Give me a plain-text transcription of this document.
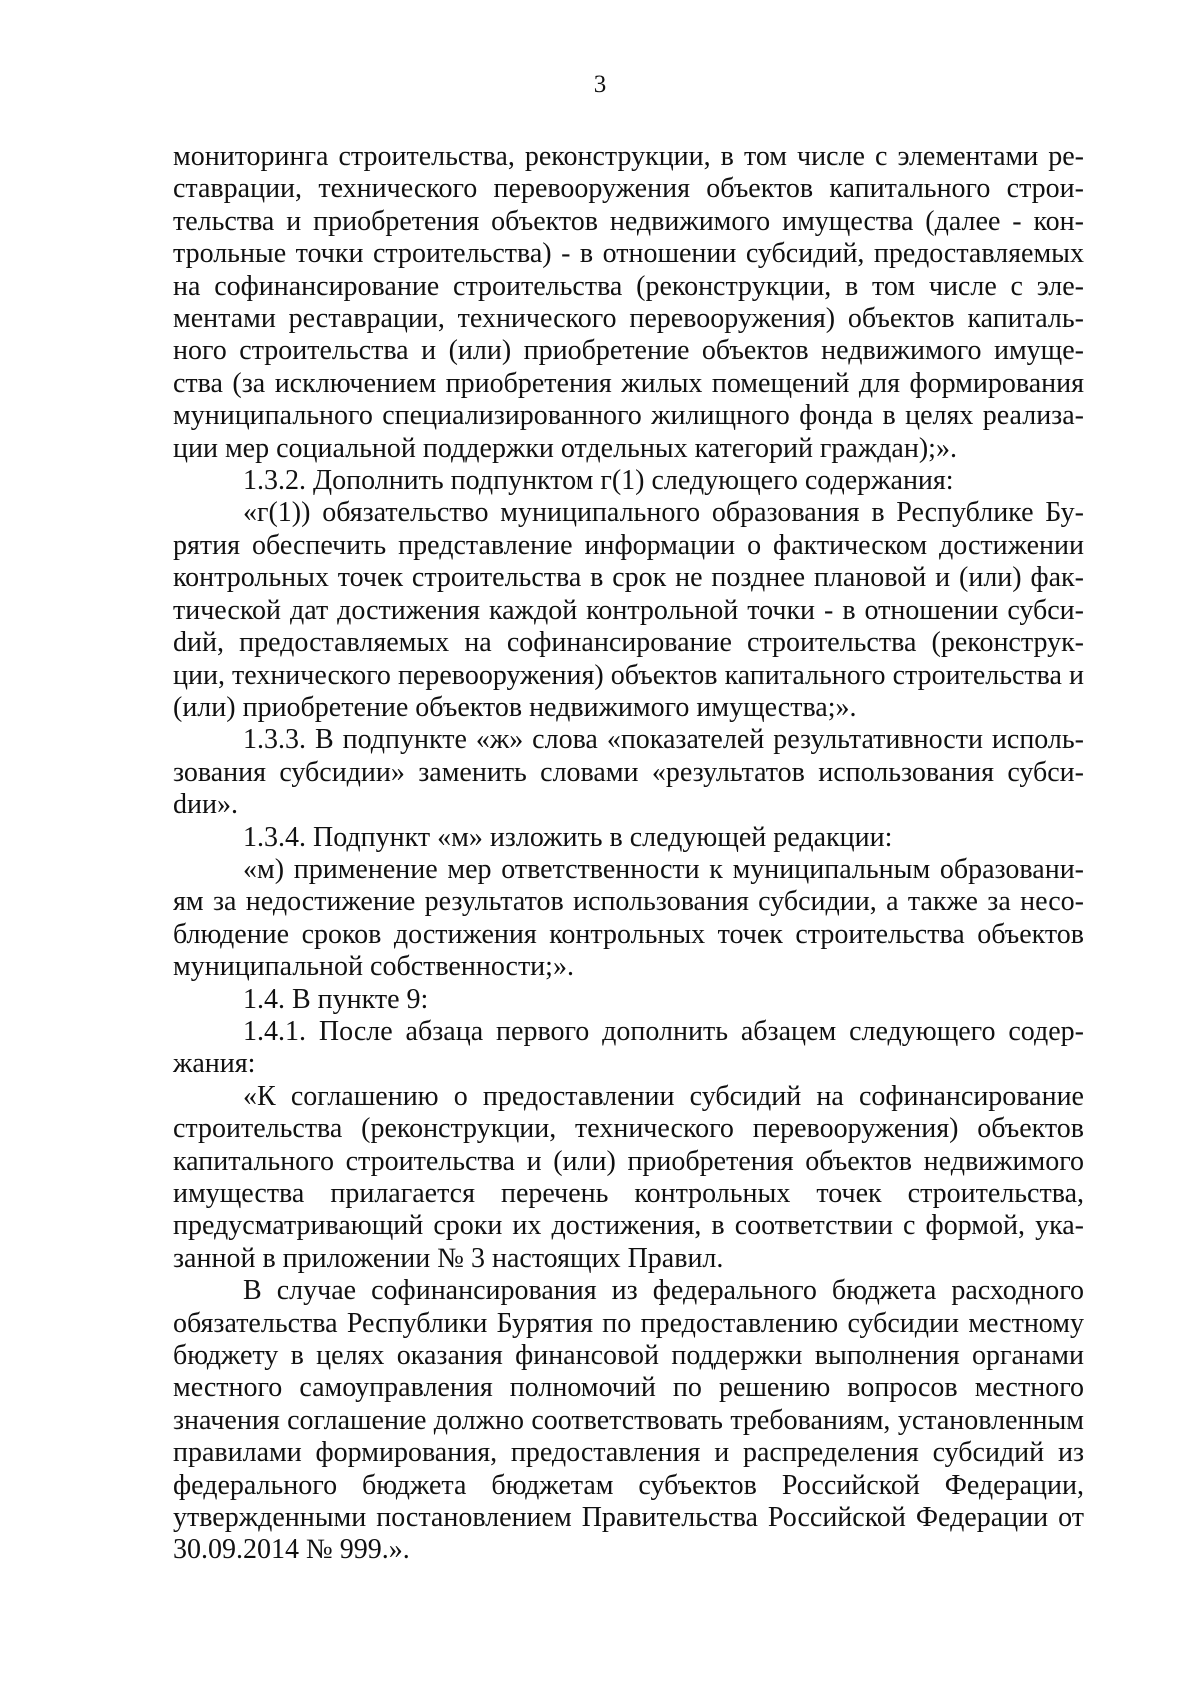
3

мониторинга строительства, реконструкции, в том числе с элементами реставрации, технического перевооружения объектов капитального строительства и приобретения объектов недвижимого имущества (далее - контрольные точки строительства) - в отношении субсидий, предоставляемых на софинансирование строительства (реконструкции, в том числе с элементами реставрации, технического перевооружения) объектов капитального строительства и (или) приобретение объектов недвижимого имущества (за исключением приобретения жилых помещений для формирования муниципального специализированного жилищного фонда в целях реализации мер социальной поддержки отдельных категорий граждан);».

1.3.2. Дополнить подпунктом г(1) следующего содержания:

«г(1)) обязательство муниципального образования в Республике Бурятия обеспечить представление информации о фактическом достижении контрольных точек строительства в срок не позднее плановой и (или) фактической дат достижения каждой контрольной точки - в отношении субсиdий, предоставляемых на софинансирование строительства (реконструкции, технического перевооружения) объектов капитального строительства и (или) приобретение объектов недвижимого имущества;».

1.3.3. В подпункте «ж» слова «показателей результативности использования субсидии» заменить словами «результатов использования субсиdии».

1.3.4. Подпункт «м» изложить в следующей редакции:

«м) применение мер ответственности к муниципальным образованиям за недостижение результатов использования субсидии, а также за несоблюдение сроков достижения контрольных точек строительства объектов муниципальной собственности;».

1.4. В пункте 9:

1.4.1. После абзаца первого дополнить абзацем следующего содержания:

«К соглашению о предоставлении субсидий на софинансирование строительства (реконструкции, технического перевооружения) объектов капитального строительства и (или) приобретения объектов недвижимого имущества прилагается перечень контрольных точек строительства, предусматривающий сроки их достижения, в соответствии с формой, указанной в приложении № 3 настоящих Правил.

В случае софинансирования из федерального бюджета расходного обязательства Республики Бурятия по предоставлению субсидии местному бюджету в целях оказания финансовой поддержки выполнения органами местного самоуправления полномочий по решению вопросов местного значения соглашение должно соответствовать требованиям, установленным правилами формирования, предоставления и распределения субсидий из федерального бюджета бюджетам субъектов Российской Федерации, утвержденными постановлением Правительства Российской Федерации от 30.09.2014 № 999.».
